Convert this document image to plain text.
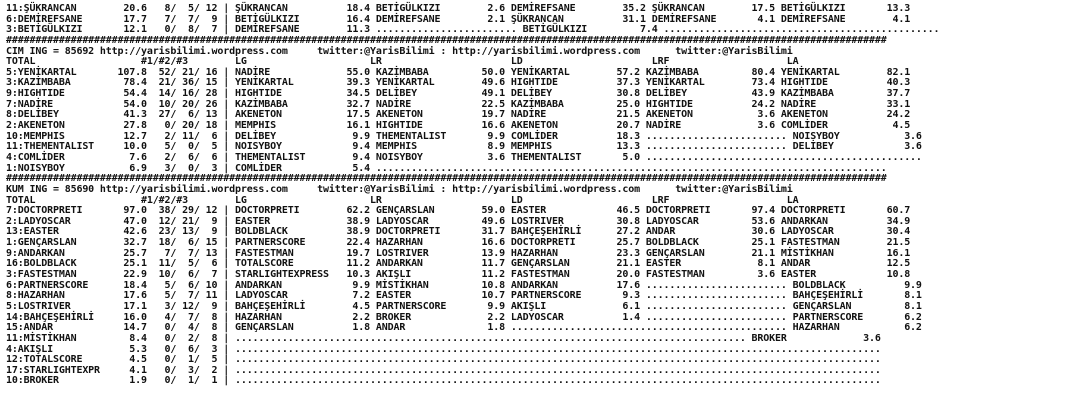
11:ŞÜKRANCAN        20.6   8/  5/ 12 | ŞÜKRANCAN          18.4 BETİGÜLKIZI        2.6 DEMİREFSANE        35.2 ŞÜKRANCAN        17.5 BETİGÜLKIZI       13.3
6:DEMİREFSANE       17.7   7/  7/  9 | BETİGÜLKIZI        16.4 DEMİREFSANE        2.1 ŞÜKRANCAN          31.1 DEMİREFSANE       4.1 DEMİREFSANE        4.1
3:BETİGÜLKIZI       12.1   0/  8/  7 | DEMİREFSANE        11.3 ........................ BETİGÜLKIZI         7.4 ...............................................
######################################################################################################################################################
CIM ING = 85692 http://yarisbilimi.wordpress.com     twitter:@YarisBilimi : http://yarisbilimi.wordpress.com      twitter:@YarisBilimi
TOTAL                  #1/#2/#3        LG                     LR                      LD                      LRF                    LA
5:YENİKARTAL       107.8  52/ 21/ 16 | NADİRE             55.0 KAZİMBABA         50.0 YENİKARTAL        57.2 KAZİMBABA         80.4 YENİKARTAL        82.1
3:KAZİMBABA         78.4  21/ 36/ 15 | YENİKARTAL         39.3 YENİKARTAL        49.6 HIGHTIDE          37.3 YENİKARTAL        73.4 HIGHTIDE          40.3
9:HIGHTIDE          54.4  14/ 16/ 28 | HIGHTIDE           34.5 DELİBEY           49.1 DELİBEY           30.8 DELİBEY           43.9 KAZİMBABA         37.7
7:NADİRE            54.0  10/ 20/ 26 | KAZİMBABA          32.7 NADİRE            22.5 KAZİMBABA         25.0 HIGHTIDE          24.2 NADİRE            33.1
8:DELİBEY           41.3  27/  6/ 13 | AKENETON           17.5 AKENETON          19.7 NADİRE            21.5 AKENETON           3.6 AKENETON          24.2
2:AKENETON          27.8   0/ 20/ 18 | MEMPHIS            16.1 HIGHTIDE          16.6 AKENETON          20.7 NADİRE             3.6 COMLİDER           4.5
10:MEMPHIS          12.7   2/ 11/  6 | DELİBEY             9.9 THEMENTALIST       9.9 COMLİDER          18.3 ........................ NOISYBOY           3.6
11:THEMENTALIST     10.0   5/  0/  5 | NOISYBOY            9.4 MEMPHIS            8.9 MEMPHIS           13.3 ........................ DELİBEY            3.6
4:COMLİDER           7.6   2/  6/  6 | THEMENTALIST        9.4 NOISYBOY           3.6 THEMENTALIST       5.0 ...............................................
1:NOISYBOY           6.9   3/  0/  3 | COMLİDER            5.4 .......................................................................................
######################################################################################################################################################
KUM ING = 85690 http://yarisbilimi.wordpress.com     twitter:@YarisBilimi : http://yarisbilimi.wordpress.com      twitter:@YarisBilimi
TOTAL                  #1/#2/#3        LG                     LR                      LD                      LRF                    LA
7:DOCTORPRETI       97.0  38/ 29/ 12 | DOCTORPRETI        62.2 GENÇARSLAN        59.0 EASTER            46.5 DOCTORPRETI       97.4 DOCTORPRETI       60.7
2:LADYOSCAR         47.0  12/ 21/  9 | EASTER             38.9 LADYOSCAR         49.6 LOSTRIVER         30.8 LADYOSCAR         53.6 ANDARKAN          34.9
13:EASTER           42.6  23/ 13/  9 | BOLDBLACK          38.9 DOCTORPRETI       31.7 BAHÇEŞEHİRLİ      27.2 ANDAR             30.6 LADYOSCAR         30.4
1:GENÇARSLAN        32.7  18/  6/ 15 | PARTNERSCORE       22.4 HAZARHAN          16.6 DOCTORPRETI       25.7 BOLDBLACK         25.1 FASTESTMAN        21.5
9:ANDARKAN          25.7   7/  7/ 13 | FASTESTMAN         19.7 LOSTRIVER         13.9 HAZARHAN          23.3 GENÇARSLAN        21.1 MİSTİKHAN         16.1
16:BOLDBLACK        25.1  11/  5/  6 | TOTALSCORE         11.2 ANDARKAN          11.7 GENÇARSLAN        21.1 EASTER             8.1 ANDAR             12.5
3:FASTESTMAN        22.9  10/  6/  7 | STARLIGHTEXPRESS   10.3 AKIŞLI            11.2 FASTESTMAN        20.0 FASTESTMAN         3.6 EASTER            10.8
6:PARTNERSCORE      18.4   5/  6/ 10 | ANDARKAN            9.9 MİSTİKHAN         10.8 ANDARKAN          17.6 ........................ BOLDBLACK          9.9
8:HAZARHAN          17.6   5/  7/ 11 | LADYOSCAR           7.2 EASTER            10.7 PARTNERSCORE       9.3 ........................ BAHÇEŞEHİRLİ       8.1
5:LOSTRIVER         17.1   3/ 12/  9 | BAHÇEŞEHİRLİ        4.5 PARTNERSCORE       9.9 AKIŞLI             6.1 ........................ GENÇARSLAN         8.1
14:BAHÇEŞEHİRLİ     16.0   4/  7/  8 | HAZARHAN            2.2 BROKER             2.2 LADYOSCAR          1.4 ........................ PARTNERSCORE       6.2
15:ANDAR            14.7   0/  4/  8 | GENÇARSLAN          1.8 ANDAR              1.8 ............................................... HAZARHAN           6.2
11:MİSTİKHAN         8.4   0/  2/  8 | ....................................................................................... BROKER             3.6
4:AKIŞLI             5.3   0/  6/  3 | ..............................................................................................................
12:TOTALSCORE        4.5   0/  1/  5 | ..............................................................................................................
17:STARLIGHTEXPR     4.1   0/  3/  2 | ..............................................................................................................
10:BROKER            1.9   0/  1/  1 | ..............................................................................................................
